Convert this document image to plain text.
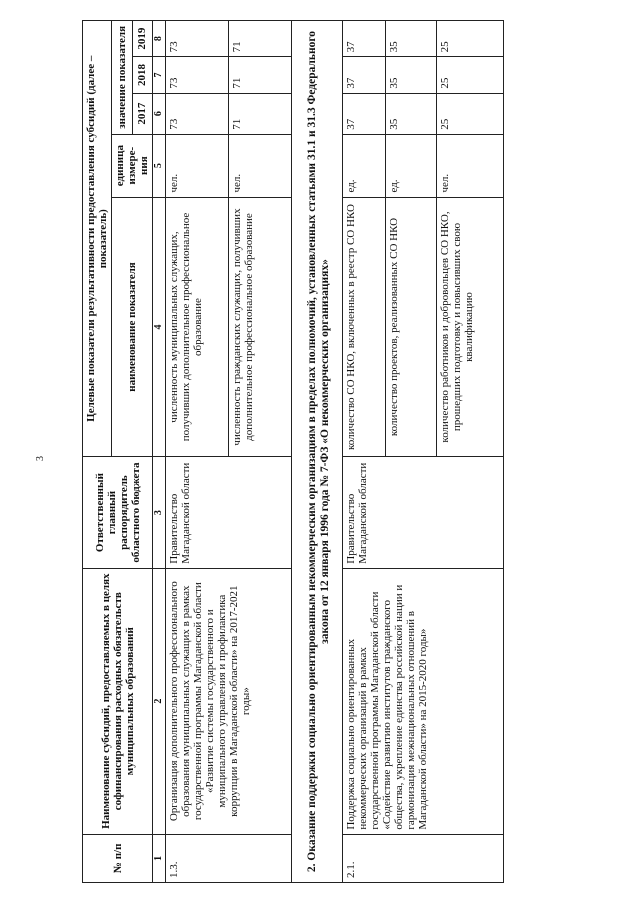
3
№ п/п	Наименование субсидий, предоставляемых в целях софинансирования расходных обязательств муниципальных образований	Ответственный главный распорядитель областного бюджета	Целевые показатели результативности предоставления субсидий (далее – показатель)				
			наименование показателя	единица измере- ния	значение показателя		
					2017	2018	2019
1	2	3	4	5	6	7	8
1.3.	Организация дополнительного профессионального образования муниципальных служащих в рамках государственной программы Магаданской области «Развитие системы государственного и муниципального управления и профилактика коррупции в Магаданской области» на 2017-2021 годы»	Правительство Магаданской области	численность муниципальных служащих, получивших дополнительное профессиональное образование	чел.	73	73	73
			численность гражданских служащих, получивших дополнительное профессиональное образование	чел.	71	71	71
2. Оказание поддержки социально ориентированным некоммерческим организациям в пределах полномочий, установленных статьями 31.1 и 31.3 Федерального закона от 12 января 1996 года № 7-ФЗ «О некоммерческих организациях»							
2.1.	Поддержка социально ориентированных некоммерческих организаций в рамках государственной программы Магаданской области «Содействие развитию институтов гражданского общества, укрепление единства российской нации и гармонизация межнациональных отношений в Магаданской области» на 2015-2020 годы»	Правительство Магаданской области	количество СО НКО, включенных в реестр СО НКО	ед.	37	37	37
			количество проектов, реализованных СО НКО	ед.	35	35	35
			количество работников и добровольцев СО НКО, прошедших подготовку и повысивших свою квалификацию	чел.	25	25	25
